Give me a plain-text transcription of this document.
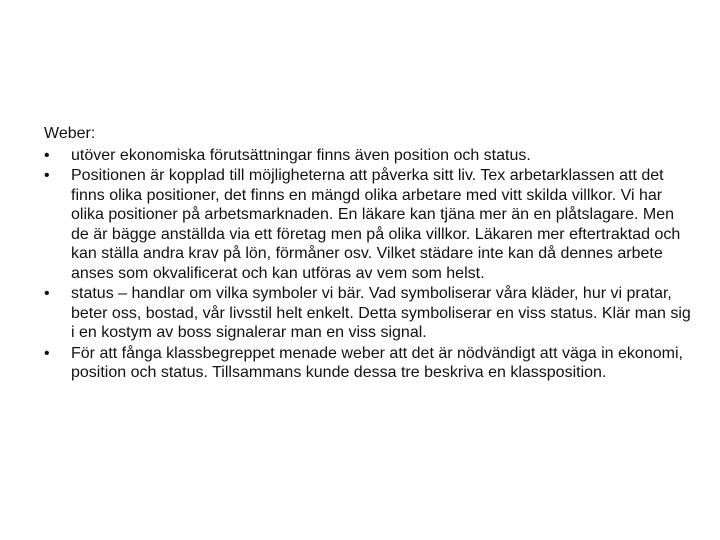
Weber:
•	utöver ekonomiska förutsättningar finns även position och status.
•	Positionen är kopplad till möjligheterna att påverka sitt liv. Tex arbetarklassen att det finns olika positioner, det finns en mängd olika arbetare med vitt skilda villkor. Vi har olika positioner på arbetsmarknaden. En läkare kan tjäna mer än en plåtslagare. Men de är bägge anställda via ett företag men på olika villkor. Läkaren mer eftertraktad och kan ställa andra krav på lön, förmåner osv. Vilket städare inte kan då dennes arbete anses som okvalificerat och kan utföras av vem som helst.
•	status – handlar om vilka symboler vi bär. Vad symboliserar våra kläder, hur vi pratar, beter oss, bostad, vår livsstil helt enkelt. Detta symboliserar en viss status. Klär man sig i en kostym av boss signalerar man en viss signal.
•	För att fånga klassbegreppet menade weber att det är nödvändigt att väga in ekonomi, position och status. Tillsammans kunde dessa tre beskriva en klassposition.
